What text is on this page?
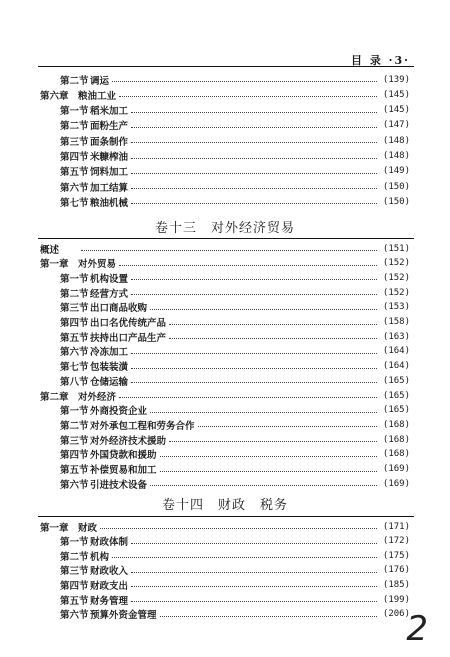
目 录 ·3·
第二节调运	(139)
第六章 粮油工业	(145)
第一节稻米加工	(145)
第二节面粉生产	(147)
第三节面条制作	(148)
第四节米糠榨油	(148)
第五节饲料加工	(149)
第六节加工结算	(150)
第七节粮油机械	(150)
卷十三　对外经济贸易
概述	(151)
第一章 对外贸易	(152)
第一节机构设置	(152)
第二节经营方式	(152)
第三节出口商品收购	(153)
第四节出口名优传统产品	(158)
第五节扶持出口产品生产	(163)
第六节冷冻加工	(164)
第七节包装装潢	(164)
第八节仓储运输	(165)
第二章 对外经济	(165)
第一节外商投资企业	(165)
第二节对外承包工程和劳务合作	(168)
第三节对外经济技术援助	(168)
第四节外国贷款和援助	(168)
第五节补偿贸易和加工	(169)
第六节引进技术设备	(169)
卷十四　财政　税务
第一章 财政	(171)
第一节财政体制	(172)
第二节机构	(175)
第三节财政收入	(176)
第四节财政支出	(185)
第五节财务管理	(199)
第六节预算外资金管理	(206)
2
